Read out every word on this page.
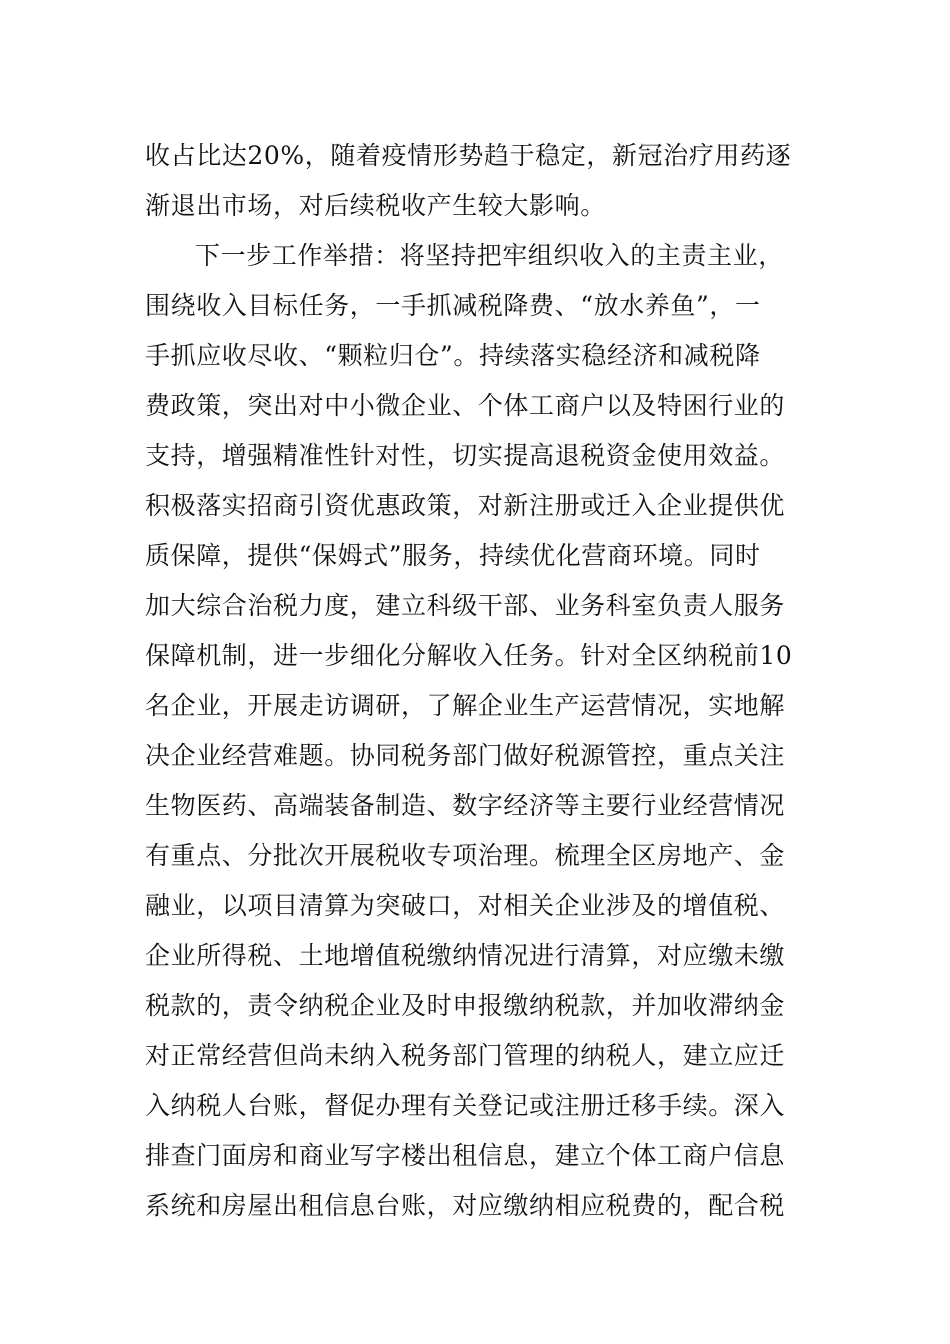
收占比达20%，随着疫情形势趋于稳定，新冠治疗用药逐
渐退出市场，对后续税收产生较大影响。
下一步工作举措：将坚持把牢组织收入的主责主业，
围绕收入目标任务，一手抓减税降费、“放水养鱼”，一
手抓应收尽收、“颗粒归仓”。持续落实稳经济和减税降
费政策，突出对中小微企业、个体工商户以及特困行业的
支持，增强精准性针对性，切实提高退税资金使用效益。
积极落实招商引资优惠政策，对新注册或迁入企业提供优
质保障，提供“保姆式”服务，持续优化营商环境。同时
加大综合治税力度，建立科级干部、业务科室负责人服务
保障机制，进一步细化分解收入任务。针对全区纳税前10
名企业，开展走访调研，了解企业生产运营情况，实地解
决企业经营难题。协同税务部门做好税源管控，重点关注
生物医药、高端装备制造、数字经济等主要行业经营情况
有重点、分批次开展税收专项治理。梳理全区房地产、金
融业，以项目清算为突破口，对相关企业涉及的增值税、
企业所得税、土地增值税缴纳情况进行清算，对应缴未缴
税款的，责令纳税企业及时申报缴纳税款，并加收滞纳金
对正常经营但尚未纳入税务部门管理的纳税人，建立应迁
入纳税人台账，督促办理有关登记或注册迁移手续。深入
排查门面房和商业写字楼出租信息，建立个体工商户信息
系统和房屋出租信息台账，对应缴纳相应税费的，配合税
